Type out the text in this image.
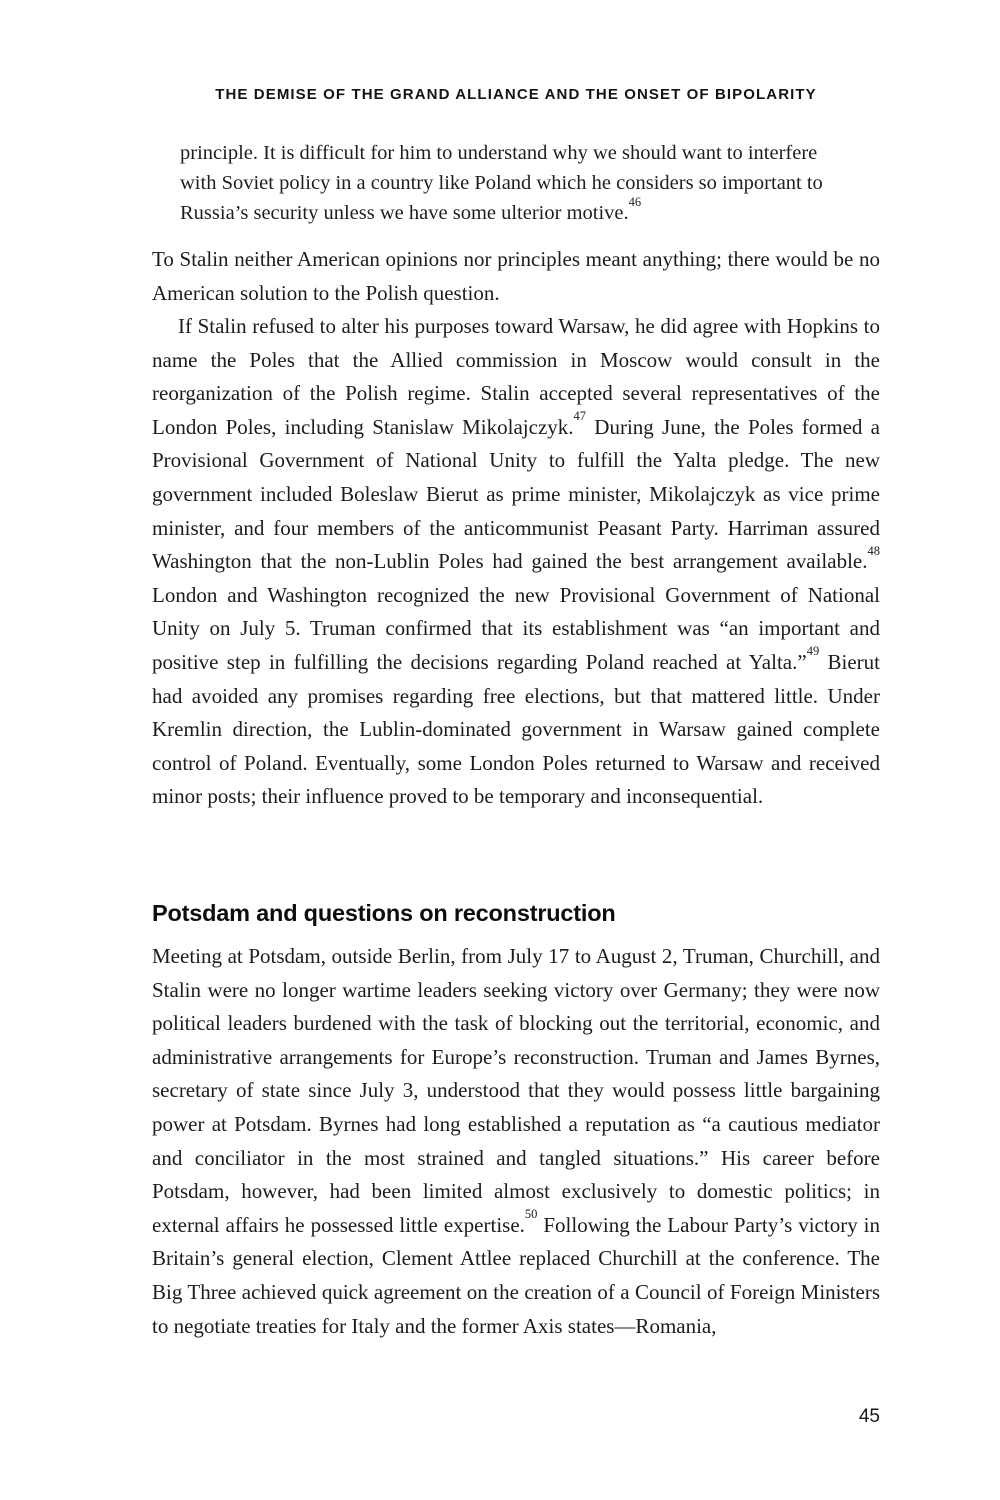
THE DEMISE OF THE GRAND ALLIANCE AND THE ONSET OF BIPOLARITY
principle. It is difficult for him to understand why we should want to interfere with Soviet policy in a country like Poland which he considers so important to Russia’s security unless we have some ulterior motive.$^{46}$

To Stalin neither American opinions nor principles meant anything; there would be no American solution to the Polish question.

If Stalin refused to alter his purposes toward Warsaw, he did agree with Hopkins to name the Poles that the Allied commission in Moscow would consult in the reorganization of the Polish regime. Stalin accepted several representatives of the London Poles, including Stanislaw Mikolajczyk.$^{47}$ During June, the Poles formed a Provisional Government of National Unity to fulfill the Yalta pledge. The new government included Boleslaw Bierut as prime minister, Mikolajczyk as vice prime minister, and four members of the anticommunist Peasant Party. Harriman assured Washington that the non-Lublin Poles had gained the best arrangement available.$^{48}$ London and Washington recognized the new Provisional Government of National Unity on July 5. Truman confirmed that its establishment was “an important and positive step in fulfilling the decisions regarding Poland reached at Yalta.”$^{49}$ Bierut had avoided any promises regarding free elections, but that mattered little. Under Kremlin direction, the Lublin-dominated government in Warsaw gained complete control of Poland. Eventually, some London Poles returned to Warsaw and received minor posts; their influence proved to be temporary and inconsequential.

Potsdam and questions on reconstruction

Meeting at Potsdam, outside Berlin, from July 17 to August 2, Truman, Churchill, and Stalin were no longer wartime leaders seeking victory over Germany; they were now political leaders burdened with the task of blocking out the territorial, economic, and administrative arrangements for Europe’s reconstruction. Truman and James Byrnes, secretary of state since July 3, understood that they would possess little bargaining power at Potsdam. Byrnes had long established a reputation as “a cautious mediator and conciliator in the most strained and tangled situations.” His career before Potsdam, however, had been limited almost exclusively to domestic politics; in external affairs he possessed little expertise.$^{50}$ Following the Labour Party’s victory in Britain’s general election, Clement Attlee replaced Churchill at the conference. The Big Three achieved quick agreement on the creation of a Council of Foreign Ministers to negotiate treaties for Italy and the former Axis states—Romania,

45
